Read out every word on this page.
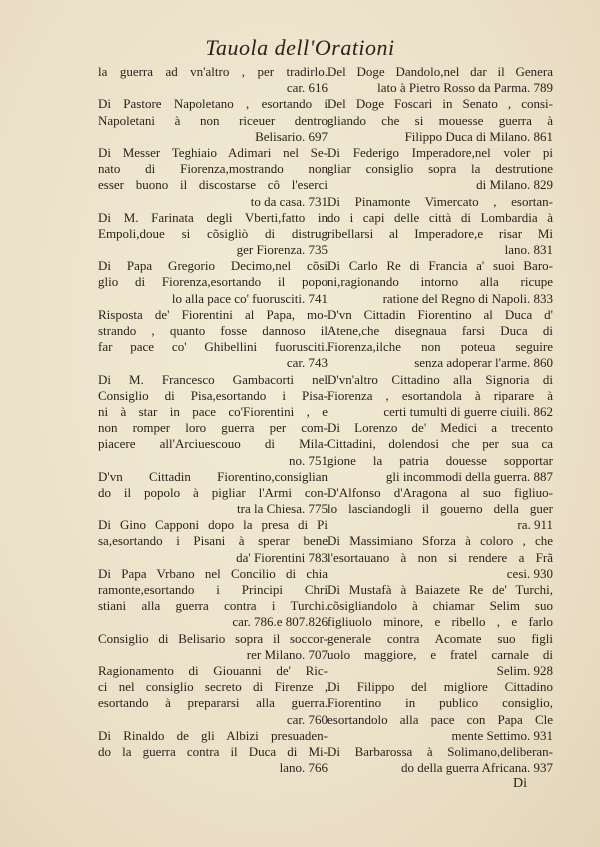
Tauola dell'Orationi
la guerra ad vn'altro , per tradirlo.
car. 616
Di Pastore Napoletano , esortando i
Napoletani à non riceuer dentro
Belisario. 697
Di Messer Teghiaio Adimari nel Se-
nato di Fiorenza,mostrando non
esser buono il discostarse cô l'eserci
to da casa. 731
Di M. Farinata degli Vberti,fatto in
Empoli,doue si cõsigliò di distrug
ger Fiorenza. 735
Di Papa Gregorio Decimo,nel cõsi
glio di Fiorenza,esortando il popo
lo alla pace co' fuorusciti. 741
Risposta de' Fiorentini al Papa, mo-
strando , quanto fosse dannoso il
far pace co' Ghibellini fuorusciti.
car. 743
Di M. Francesco Gambacorti nel
Consiglio di Pisa,esortando i Pisa-
ni à star in pace co'Fiorentini , e
non romper loro guerra per com-
piacere all'Arciuescouo di Mila-
no. 751
D'vn Cittadin Fiorentino,consiglian
do il popolo à pigliar l'Armi con-
tra la Chiesa. 775
Di Gino Capponi dopo la presa di Pi
sa,esortando i Pisani à sperar bene
da' Fiorentini 783
Di Papa Vrbano nel Concilio di chia
ramonte,esortando i Principi Chri
stiani alla guerra contra i Turchi.
car. 786.e 807.826
Consiglio di Belisario sopra il soccor-
rer Milano. 707
Ragionamento di Giouanni de' Ric-
ci nel consiglio secreto di Firenze ,
esortando à prepararsi alla guerra.
car. 760
Di Rinaldo de gli Albizi presuaden-
do la guerra contra il Duca di Mi-
lano. 766
Del Doge Dandolo,nel dar il Genera
lato à Pietro Rosso da Parma. 789
Del Doge Foscari in Senato , consi-
gliando che si mouesse guerra à
Filippo Duca di Milano. 861
Di Federigo Imperadore,nel voler pi
gliar consiglio sopra la destrutione
di Milano. 829
Di Pinamonte Vimercato , esortan-
do i capi delle città di Lombardia à
ribellarsi al Imperadore,e risar Mi
lano. 831
Di Carlo Re di Francia a' suoi Baro-
ni,ragionando intorno alla ricupe
ratione del Regno di Napoli. 833
D'vn Cittadin Fiorentino al Duca d'
Atene,che disegnaua farsi Duca di
Fiorenza,ilche non poteua seguire
senza adoperar l'arme. 860
D'vn'altro Cittadino alla Signoria di
Fiorenza , esortandola à riparare à
certi tumulti di guerre ciuili. 862
Di Lorenzo de' Medici a trecento
Cittadini, dolendosi che per sua ca
gione la patria douesse sopportar
gli incommodi della guerra. 887
D'Alfonso d'Aragona al suo figliuo-
lo lasciandogli il gouerno della guer
ra. 911
Di Massimiano Sforza à coloro , che
l'esortauano à non si rendere a Frã
cesi. 930
Di Mustafà à Baiazete Re de' Turchi,
cõsigliandolo à chiamar Selim suo
figliuolo minore, e ribello , e farlo
generale contra Acomate suo figli
uolo maggiore, e fratel carnale di
Selim. 928
Di Filippo del migliore Cittadino
Fiorentino in publico consiglio,
esortandolo alla pace con Papa Cle
mente Settimo. 931
Di Barbarossa à Solimano,deliberan-
do della guerra Africana. 937
Di
